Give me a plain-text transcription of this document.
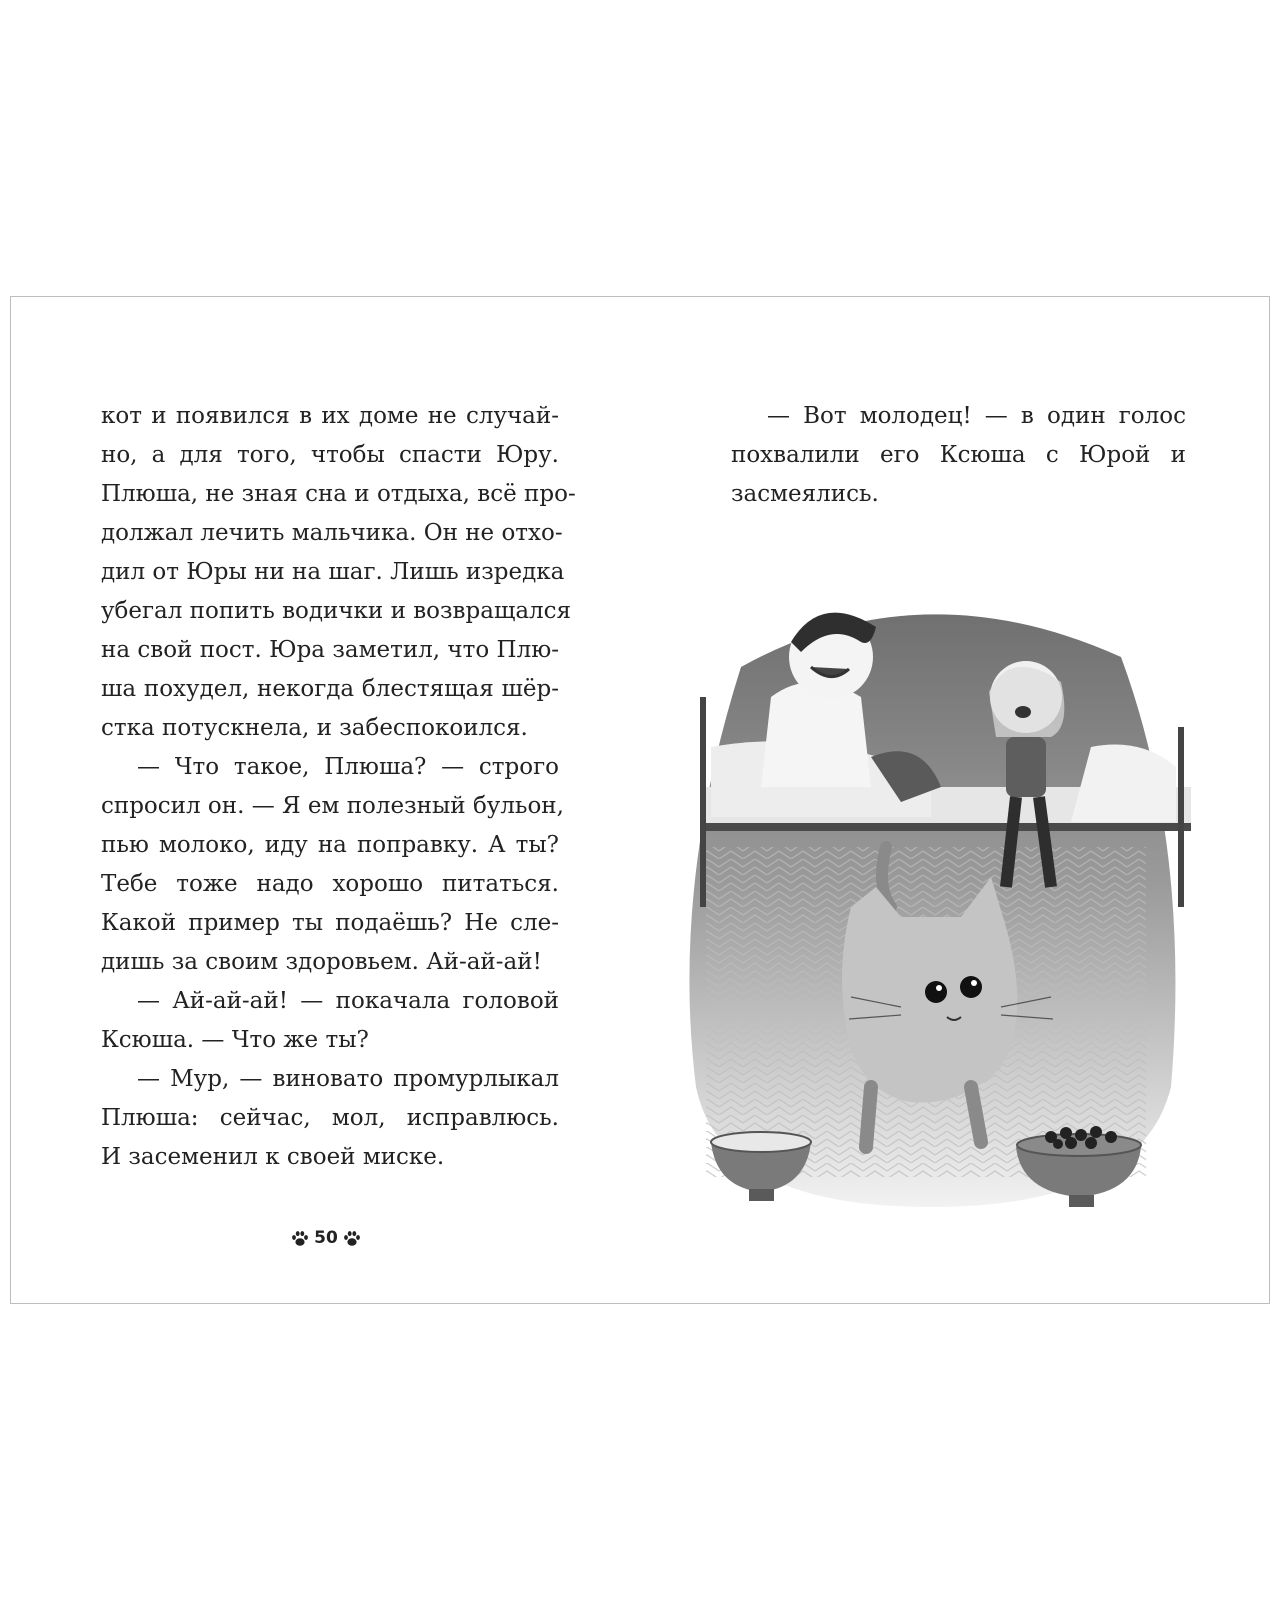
кот и появился в их доме не случай-
но, а для того, чтобы спасти Юру.
Плюша, не зная сна и отдыха, всё про-
должал лечить мальчика. Он не отхо-
дил от Юры ни на шаг. Лишь изредка
убегал попить водички и возвращался
на свой пост. Юра заметил, что Плю-
ша похудел, некогда блестящая шёр-
стка потускнела, и забеспокоился.

— Что такое, Плюша? — строго
спросил он. — Я ем полезный бульон,
пью молоко, иду на поправку. А ты?
Тебе тоже надо хорошо питаться.
Какой пример ты подаёшь? Не сле-
дишь за своим здоровьем. Ай-ай-ай!

— Ай-ай-ай! — покачала головой
Ксюша. — Что же ты?

— Мур, — виновато промурлыкал
Плюша: сейчас, мол, исправлюсь.
И засеменил к своей миске.

50

— Вот молодец! — в один голос
похвалили его Ксюша с Юрой и
засмеялись.
